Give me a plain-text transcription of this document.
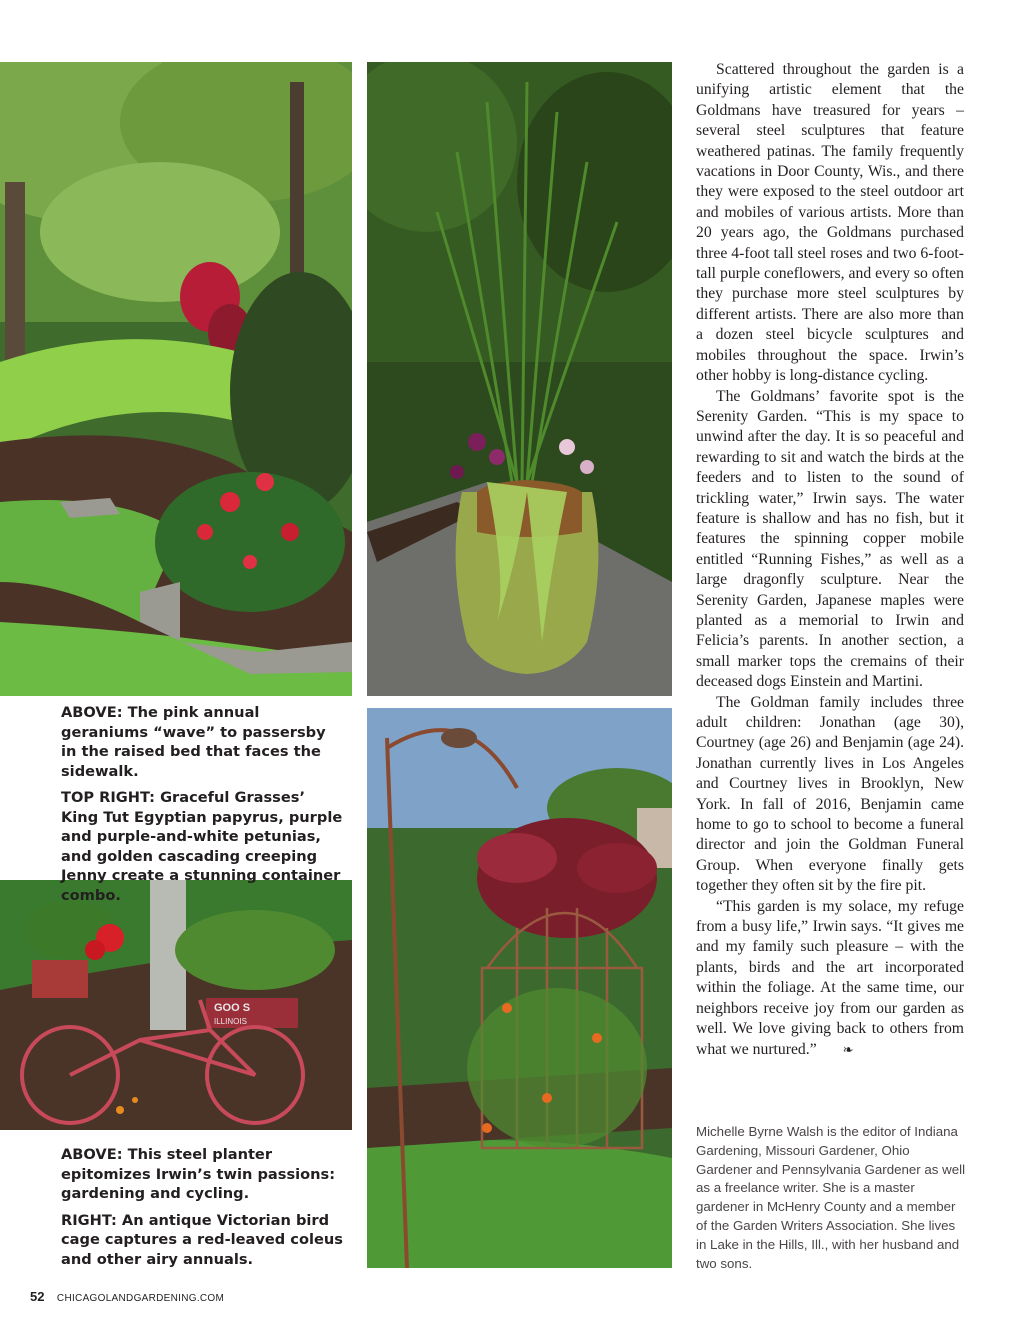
GOO S
ILLINOIS

ABOVE: The pink annual geraniums “wave” to passersby in the raised bed that faces the sidewalk.

TOP RIGHT: Graceful Grasses’ King Tut Egyptian papyrus, purple and purple-and-white petunias, and golden cascading creeping Jenny create a stunning container combo.

ABOVE: This steel planter epitomizes Irwin’s twin passions: gardening and cycling.

RIGHT: An antique Victorian bird cage captures a red-leaved coleus and other airy annuals.

Scattered throughout the garden is a unifying artistic element that the Goldmans have treasured for years – several steel sculptures that feature weathered patinas. The family frequently vacations in Door County, Wis., and there they were exposed to the steel outdoor art and mobiles of various artists. More than 20 years ago, the Goldmans purchased three 4-foot tall steel roses and two 6-foot-tall purple coneflowers, and every so often they purchase more steel sculptures by different artists. There are also more than a dozen steel bicycle sculptures and mobiles throughout the space. Irwin’s other hobby is long-distance cycling.

The Goldmans’ favorite spot is the Serenity Garden. “This is my space to unwind after the day. It is so peaceful and rewarding to sit and watch the birds at the feeders and to listen to the sound of trickling water,” Irwin says. The water feature is shallow and has no fish, but it features the spinning copper mobile entitled “Running Fishes,” as well as a large dragonfly sculpture. Near the Serenity Garden, Japanese maples were planted as a memorial to Irwin and Felicia’s parents. In another section, a small marker tops the cremains of their deceased dogs Einstein and Martini.

The Goldman family includes three adult children: Jonathan (age 30), Courtney (age 26) and Benjamin (age 24). Jonathan currently lives in Los Angeles and Courtney lives in Brooklyn, New York. In fall of 2016, Benjamin came home to go to school to become a funeral director and join the Goldman Funeral Group. When everyone finally gets together they often sit by the fire pit.

“This garden is my solace, my refuge from a busy life,” Irwin says. “It gives me and my family such pleasure – with the plants, birds and the art incorporated within the foliage. At the same time, our neighbors receive joy from our garden as well. We love giving back to others from what we nurtured.” ❧

Michelle Byrne Walsh is the editor of Indiana Gardening, Missouri Gardener, Ohio Gardener and Pennsylvania Gardener as well as a freelance writer. She is a master gardener in McHenry County and a member of the Garden Writers Association. She lives in Lake in the Hills, Ill., with her husband and two sons.
52 CHICAGOLANDGARDENING.COM
